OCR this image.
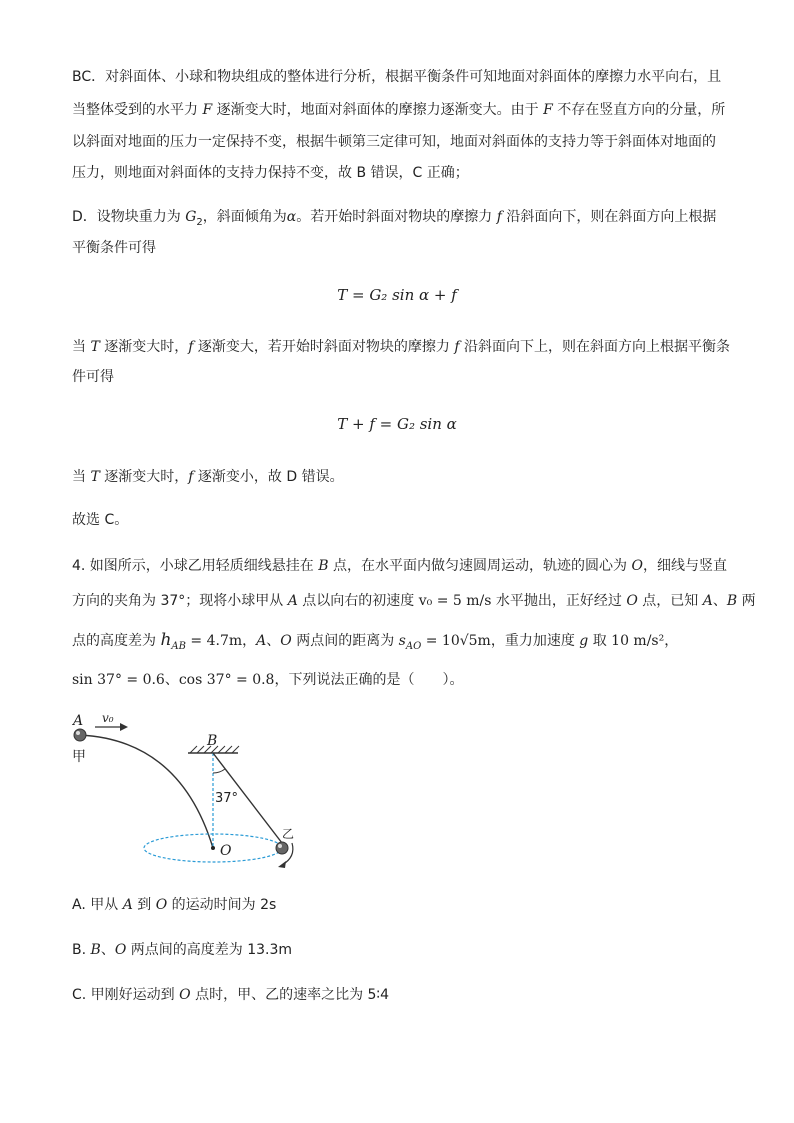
BC．对斜面体、小球和物块组成的整体进行分析，根据平衡条件可知地面对斜面体的摩擦力水平向右，且
当整体受到的水平力 F 逐渐变大时，地面对斜面体的摩擦力逐渐变大。由于 F 不存在竖直方向的分量，所
以斜面对地面的压力一定保持不变，根据牛顿第三定律可知，地面对斜面体的支持力等于斜面体对地面的
压力，则地面对斜面体的支持力保持不变，故 B 错误，C 正确；
D．设物块重力为 $G_2$，斜面倾角为α。若开始时斜面对物块的摩擦力 f 沿斜面向下，则在斜面方向上根据
平衡条件可得
T = G₂ sin α + f
当 T 逐渐变大时，f 逐渐变大，若开始时斜面对物块的摩擦力 f 沿斜面向下上，则在斜面方向上根据平衡条
件可得
T + f = G₂ sin α
当 T 逐渐变大时，f 逐渐变小，故 D 错误。
故选 C。
4. 如图所示，小球乙用轻质细线悬挂在 B 点，在水平面内做匀速圆周运动，轨迹的圆心为 O，细线与竖直
方向的夹角为 37°；现将小球甲从 A 点以向右的初速度 v₀ = 5 m/s 水平抛出，正好经过 O 点，已知 A、B 两
点的高度差为 $h_{AB} = 4.7m$，A、O 两点间的距离为 $s_{AO} = 10√5m$，重力加速度 g 取 10 m/s²，
sin 37° = 0.6、cos 37° = 0.8，下列说法正确的是（　　）。
A v₀
甲
B
37°
O
乙
A. 甲从 A 到 O 的运动时间为 2s
B. B、O 两点间的高度差为 13.3m
C. 甲刚好运动到 O 点时，甲、乙的速率之比为 5∶4
